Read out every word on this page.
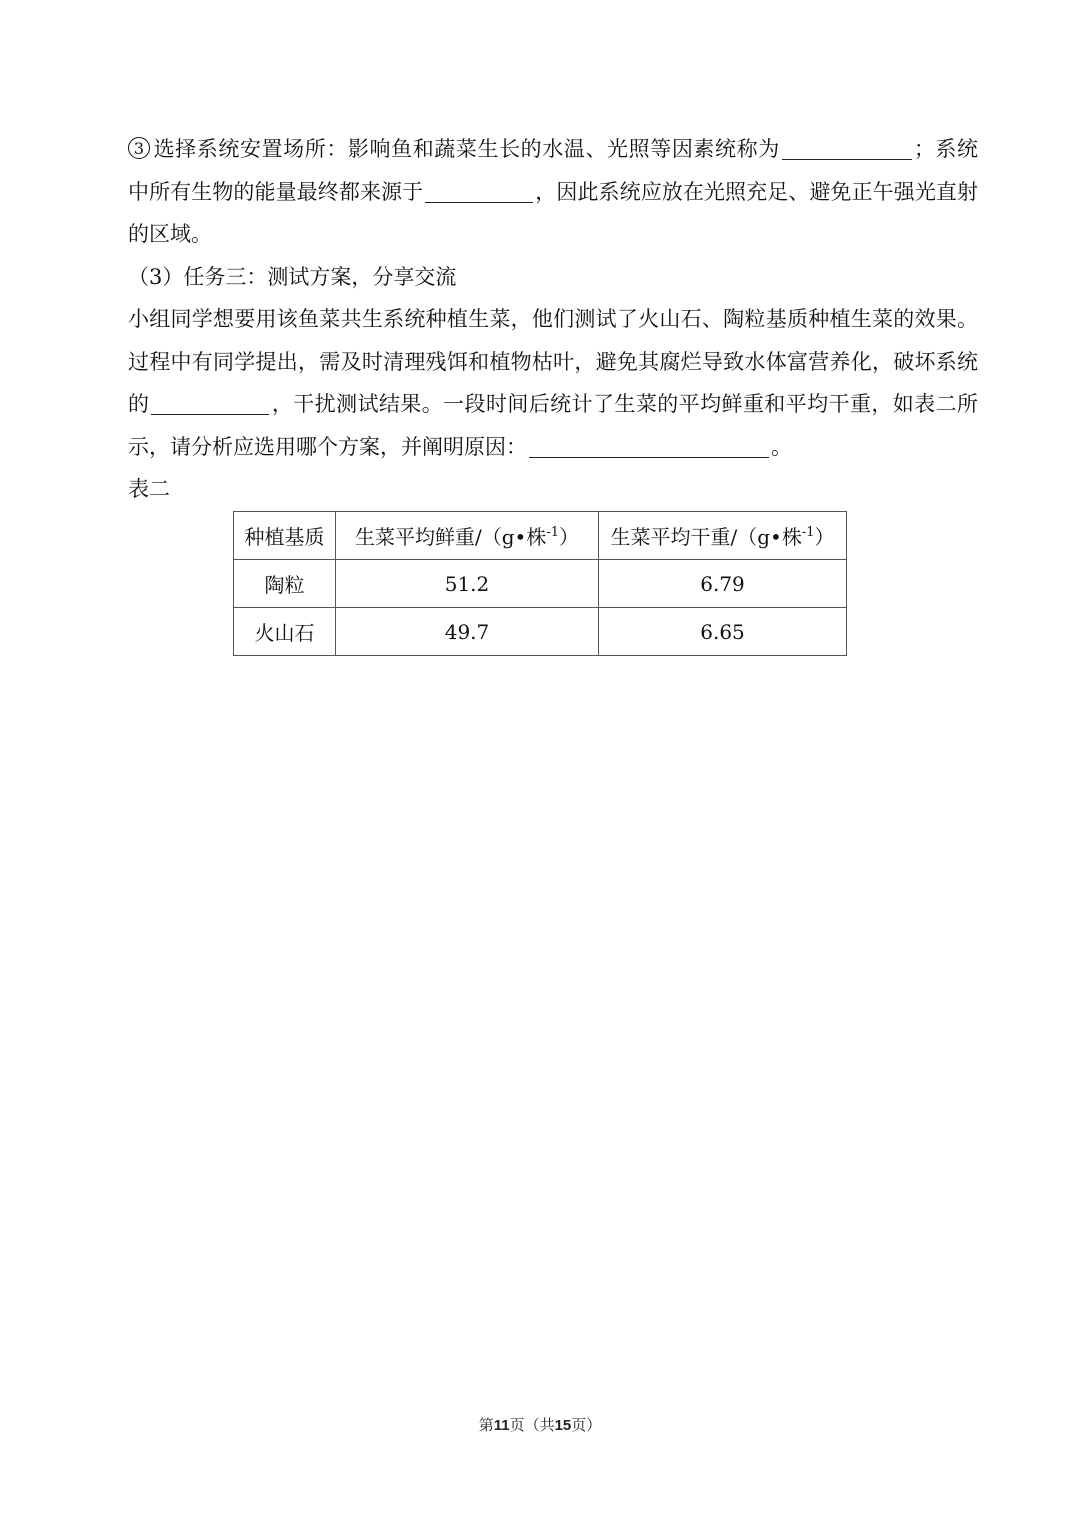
3 选择系统安置场所：影响鱼和蔬菜生长的水温、光照等因素统称为	；系统中所有生物的能量最终都来源于	，因此系统应放在光照充足、避免正午强光直射的区域。

（3）任务三：测试方案，分享交流

小组同学想要用该鱼菜共生系统种植生菜，他们测试了火山石、陶粒基质种植生菜的效果。过程中有同学提出，需及时清理残饵和植物枯叶，避免其腐烂导致水体富营养化，破坏系统的	，干扰测试结果。一段时间后统计了生菜的平均鲜重和平均干重，如表二所示，请分析应选用哪个方案，并阐明原因：	。

表二

种植基质	生菜平均鲜重/（g•株$^{-1}$）	生菜平均干重/（g•株$^{-1}$）
陶粒	51.2	6.79
火山石	49.7	6.65
第11页（共15页）
